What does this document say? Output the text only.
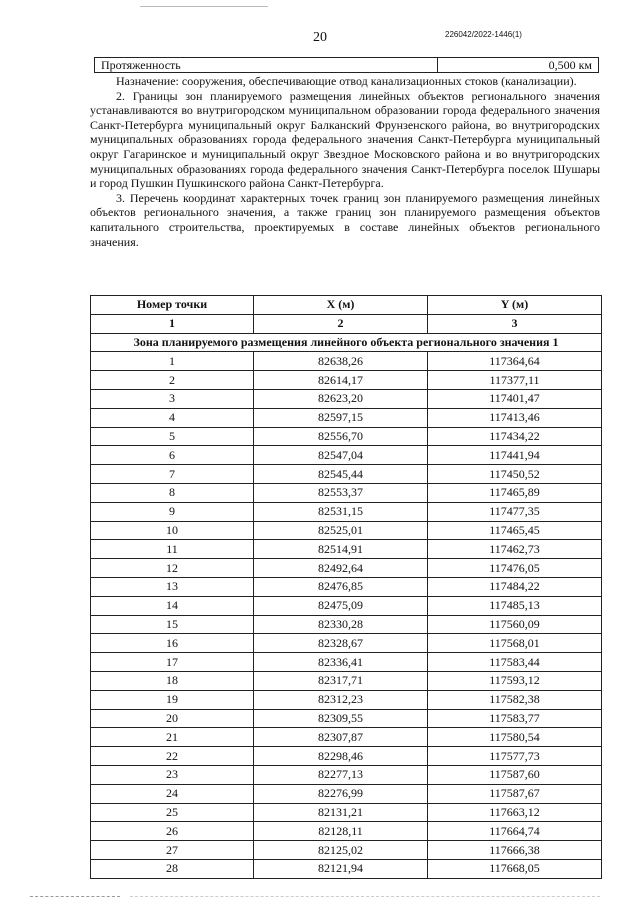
20	226042/2022-1446(1)
Протяженность	0,500 км

Назначение: сооружения, обеспечивающие отвод канализационных стоков (канализации).

2. Границы зон планируемого размещения линейных объектов регионального значения устанавливаются во внутригородском муниципальном образовании города федерального значения Санкт-Петербурга муниципальный округ Балканский Фрунзенского района, во внутригородских муниципальных образованиях города федерального значения Санкт-Петербурга муниципальный округ Гагаринское и муниципальный округ Звездное Московского района и во внутригородских муниципальных образованиях города федерального значения Санкт-Петербурга поселок Шушары и город Пушкин Пушкинского района Санкт-Петербурга.

3. Перечень координат характерных точек границ зон планируемого размещения линейных объектов регионального значения, а также границ зон планируемого размещения объектов капитального строительства, проектируемых в составе линейных объектов регионального значения.

Номер точки	X (м)	Y (м)
1	2	3
Зона планируемого размещения линейного объекта регионального значения 1		
1	82638,26	117364,64
2	82614,17	117377,11
3	82623,20	117401,47
4	82597,15	117413,46
5	82556,70	117434,22
6	82547,04	117441,94
7	82545,44	117450,52
8	82553,37	117465,89
9	82531,15	117477,35
10	82525,01	117465,45
11	82514,91	117462,73
12	82492,64	117476,05
13	82476,85	117484,22
14	82475,09	117485,13
15	82330,28	117560,09
16	82328,67	117568,01
17	82336,41	117583,44
18	82317,71	117593,12
19	82312,23	117582,38
20	82309,55	117583,77
21	82307,87	117580,54
22	82298,46	117577,73
23	82277,13	117587,60
24	82276,99	117587,67
25	82131,21	117663,12
26	82128,11	117664,74
27	82125,02	117666,38
28	82121,94	117668,05
